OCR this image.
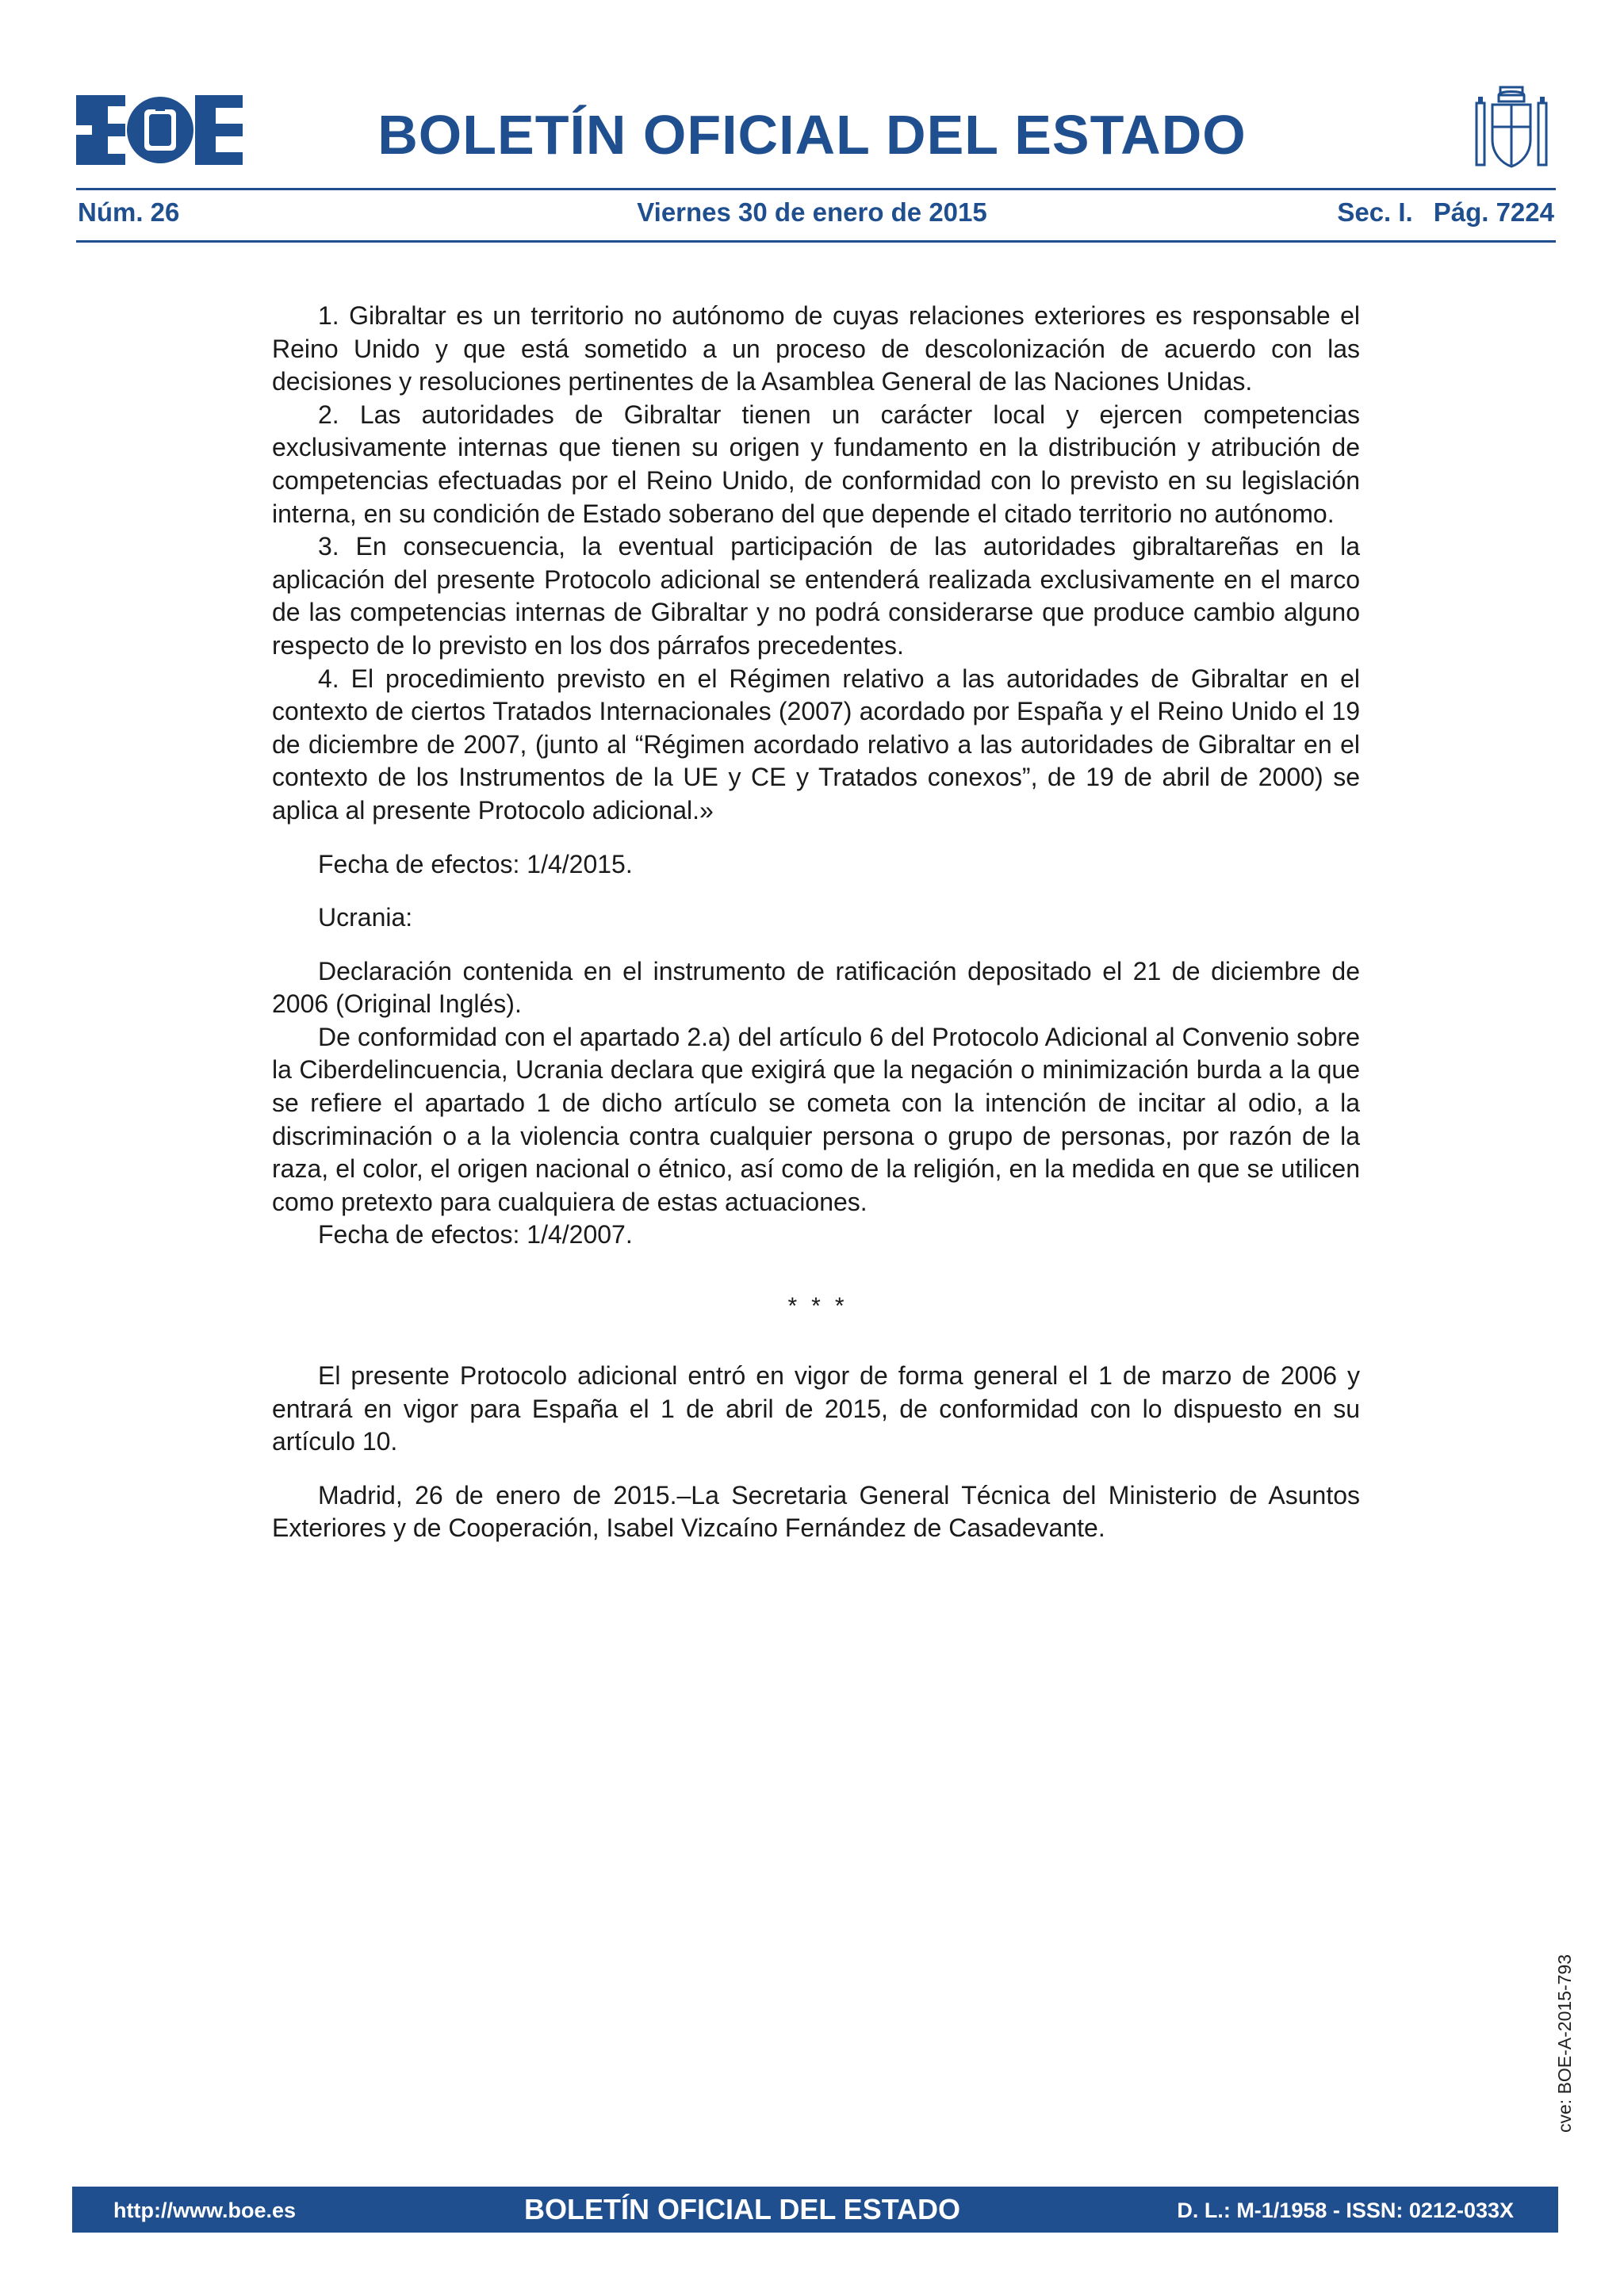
BOLETÍN OFICIAL DEL ESTADO
Núm. 26	Viernes 30 de enero de 2015	Sec. I. Pág. 7224

1. Gibraltar es un territorio no autónomo de cuyas relaciones exteriores es responsable el Reino Unido y que está sometido a un proceso de descolonización de acuerdo con las decisiones y resoluciones pertinentes de la Asamblea General de las Naciones Unidas.

2. Las autoridades de Gibraltar tienen un carácter local y ejercen competencias exclusivamente internas que tienen su origen y fundamento en la distribución y atribución de competencias efectuadas por el Reino Unido, de conformidad con lo previsto en su legislación interna, en su condición de Estado soberano del que depende el citado territorio no autónomo.

3. En consecuencia, la eventual participación de las autoridades gibraltareñas en la aplicación del presente Protocolo adicional se entenderá realizada exclusivamente en el marco de las competencias internas de Gibraltar y no podrá considerarse que produce cambio alguno respecto de lo previsto en los dos párrafos precedentes.

4. El procedimiento previsto en el Régimen relativo a las autoridades de Gibraltar en el contexto de ciertos Tratados Internacionales (2007) acordado por España y el Reino Unido el 19 de diciembre de 2007, (junto al “Régimen acordado relativo a las autoridades de Gibraltar en el contexto de los Instrumentos de la UE y CE y Tratados conexos”, de 19 de abril de 2000) se aplica al presente Protocolo adicional.»

Fecha de efectos: 1/4/2015.

Ucrania:

Declaración contenida en el instrumento de ratificación depositado el 21 de diciembre de 2006 (Original Inglés).

De conformidad con el apartado 2.a) del artículo 6 del Protocolo Adicional al Convenio sobre la Ciberdelincuencia, Ucrania declara que exigirá que la negación o minimización burda a la que se refiere el apartado 1 de dicho artículo se cometa con la intención de incitar al odio, a la discriminación o a la violencia contra cualquier persona o grupo de personas, por razón de la raza, el color, el origen nacional o étnico, así como de la religión, en la medida en que se utilicen como pretexto para cualquiera de estas actuaciones.

Fecha de efectos: 1/4/2007.

* * *

El presente Protocolo adicional entró en vigor de forma general el 1 de marzo de 2006 y entrará en vigor para España el 1 de abril de 2015, de conformidad con lo dispuesto en su artículo 10.

Madrid, 26 de enero de 2015.–La Secretaria General Técnica del Ministerio de Asuntos Exteriores y de Cooperación, Isabel Vizcaíno Fernández de Casadevante.

cve: BOE-A-2015-793
http://www.boe.es	BOLETÍN OFICIAL DEL ESTADO	D. L.: M-1/1958 - ISSN: 0212-033X
